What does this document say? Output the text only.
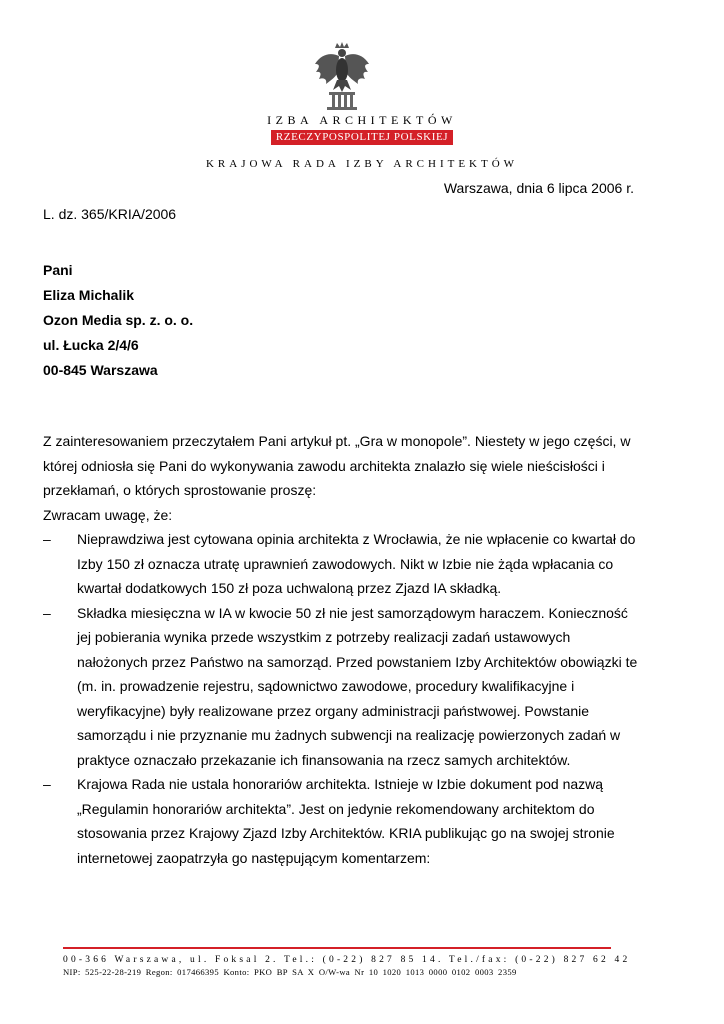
IZBA ARCHITEKTÓW
RZECZYPOSPOLITEJ POLSKIEJ
KRAJOWA RADA IZBY ARCHITEKTÓW
Warszawa, dnia 6 lipca 2006 r.
L. dz. 365/KRIA/2006
Pani
Eliza Michalik
Ozon Media sp. z. o. o.
ul. Łucka 2/4/6
00-845 Warszawa

Z zainteresowaniem przeczytałem Pani artykuł pt. „Gra w monopole”. Niestety w jego części, w której odniosła się Pani do wykonywania zawodu architekta znalazło się wiele nieścisłości i przekłamań, o których sprostowanie proszę:

Zwracam uwagę, że:

– Nieprawdziwa jest cytowana opinia architekta z Wrocławia, że nie wpłacenie co kwartał do Izby 150 zł oznacza utratę uprawnień zawodowych. Nikt w Izbie nie żąda wpłacania co kwartał dodatkowych 150 zł poza uchwaloną przez Zjazd IA składką.
– Składka miesięczna w IA w kwocie 50 zł nie jest samorządowym haraczem. Konieczność jej pobierania wynika przede wszystkim z potrzeby realizacji zadań ustawowych nałożonych przez Państwo na samorząd. Przed powstaniem Izby Architektów obowiązki te (m. in. prowadzenie rejestru, sądownictwo zawodowe, procedury kwalifikacyjne i weryfikacyjne) były realizowane przez organy administracji państwowej. Powstanie samorządu i nie przyznanie mu żadnych subwencji na realizację powierzonych zadań w praktyce oznaczało przekazanie ich finansowania na rzecz samych architektów.
– Krajowa Rada nie ustala honorariów architekta. Istnieje w Izbie dokument pod nazwą „Regulamin honorariów architekta”. Jest on jedynie rekomendowany architektom do stosowania przez Krajowy Zjazd Izby Architektów. KRIA publikując go na swojej stronie internetowej zaopatrzyła go następującym komentarzem:
00-366 Warszawa, ul. Foksal 2. Tel.: (0-22) 827 85 14. Tel./fax: (0-22) 827 62 42
NIP: 525-22-28-219 Regon: 017466395 Konto: PKO BP SA X O/W-wa Nr 10 1020 1013 0000 0102 0003 2359
